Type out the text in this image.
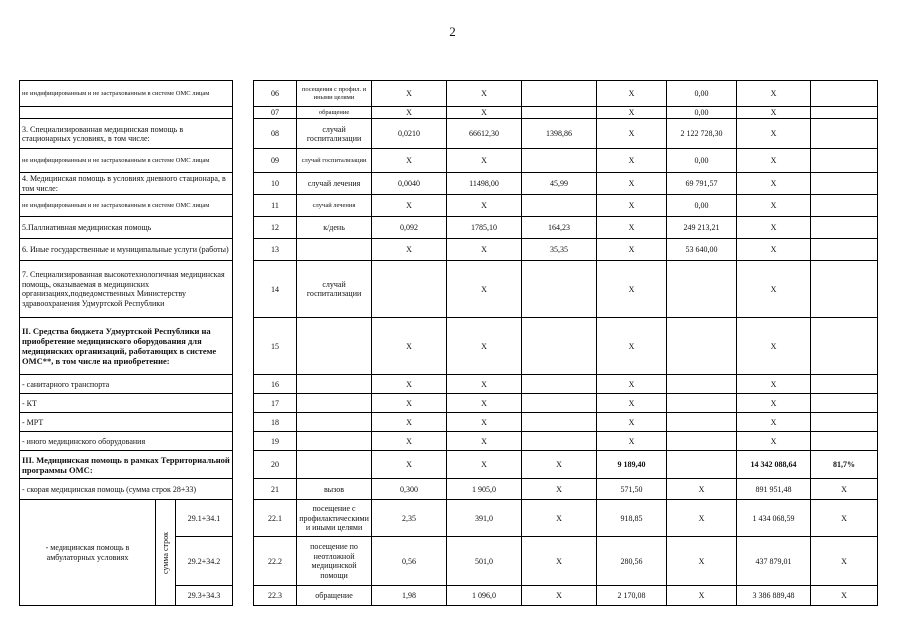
2
не индифицированным и не застрахованным в системе ОМС лицам				06	посещения с профил. и иными целями	Х	Х		Х	0,00	Х	
				07	обращение	Х	Х		Х	0,00	Х	
3. Специализированная медицинская помощь в стационарных условиях, в том числе:				08	случай госпитализации	0,0210	66612,30	1398,86	Х	2 122 728,30	Х	
не индифицированным и не застрахованным в системе ОМС лицам				09	случай госпитализации	Х	Х		Х	0,00	Х	
4. Медицинская помощь в условиях дневного стационара, в том числе:				10	случай лечения	0,0040	11498,00	45,99	Х	69 791,57	Х	
не индифицированным и не застрахованным в системе ОМС лицам				11	случай лечения	Х	Х		Х	0,00	Х	
5.Паллиативная медицинская помощь				12	к/день	0,092	1785,10	164,23	Х	249 213,21	Х	
6. Иные государственные и муниципальные услуги (работы)				13		Х	Х	35,35	Х	53 640,00	Х	
7. Специализированная высокотехнологичная медицинская помощь, оказываемая в медицинских организациях,подведомственных Министерству здравоохранения Удмуртской Республики				14	случай госпитализации		Х		Х		Х	
II. Средства бюджета Удмуртской Республики на приобретение медицинского оборудования для медицинских организаций, работающих в системе ОМС**, в том числе на приобретение:				15		Х	Х		Х		Х	
- санитарного транспорта				16		Х	Х		Х		Х	
- КТ				17		Х	Х		Х		Х	
- МРТ				18		Х	Х		Х		Х	
- иного медицинского оборудования				19		Х	Х		Х		Х	
III. Медицинская помощь в рамках Территориальной программы ОМС:				20		Х	Х	Х	9 189,40		14 342 088,64	81,7%
- скорая медицинская помощь (сумма строк 28+33)				21	вызов	0,300	1 905,0	Х	571,50	Х	891 951,48	Х
- медицинская помощь в амбулаторных условиях	сумма строк	29.1+34.1		22.1	посещение с профилактическими и иными целями	2,35	391,0	Х	918,85	Х	1 434 068,59	Х
		29.2+34.2		22.2	посещение по неотложной медицинской помощи	0,56	501,0	Х	280,56	Х	437 879,01	Х
		29.3+34.3		22.3	обращение	1,98	1 096,0	Х	2 170,08	Х	3 386 889,48	Х
